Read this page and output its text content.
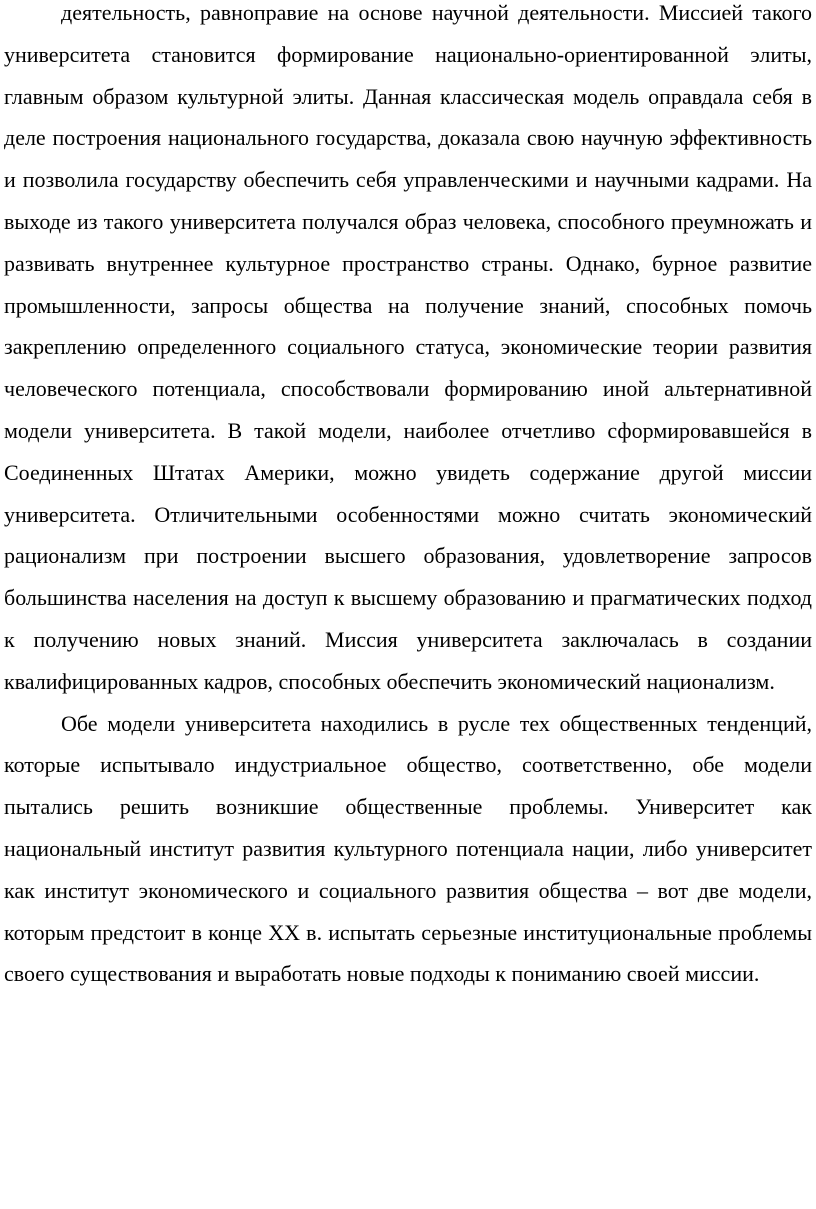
деятельность, равноправие на основе научной деятельности. Миссией такого университета становится формирование национально-ориентированной элиты, главным образом культурной элиты. Данная классическая модель оправдала себя в деле построения национального государства, доказала свою научную эффективность и позволила государству обеспечить себя управленческими и научными кадрами. На выходе из такого университета получался образ человека, способного преумножать и развивать внутреннее культурное пространство страны. Однако, бурное развитие промышленности, запросы общества на получение знаний, способных помочь закреплению определенного социального статуса, экономические теории развития человеческого потенциала, способствовали формированию иной альтернативной модели университета. В такой модели, наиболее отчетливо сформировавшейся в Соединенных Штатах Америки, можно увидеть содержание другой миссии университета. Отличительными особенностями можно считать экономический рационализм при построении высшего образования, удовлетворение запросов большинства населения на доступ к высшему образованию и прагматических подход к получению новых знаний. Миссия университета заключалась в создании квалифицированных кадров, способных обеспечить экономический национализм.

Обе модели университета находились в русле тех общественных тенденций, которые испытывало индустриальное общество, соответственно, обе модели пытались решить возникшие общественные проблемы. Университет как национальный институт развития культурного потенциала нации, либо университет как институт экономического и социального развития общества – вот две модели, которым предстоит в конце XX в. испытать серьезные институциональные проблемы своего существования и выработать новые подходы к пониманию своей миссии.
